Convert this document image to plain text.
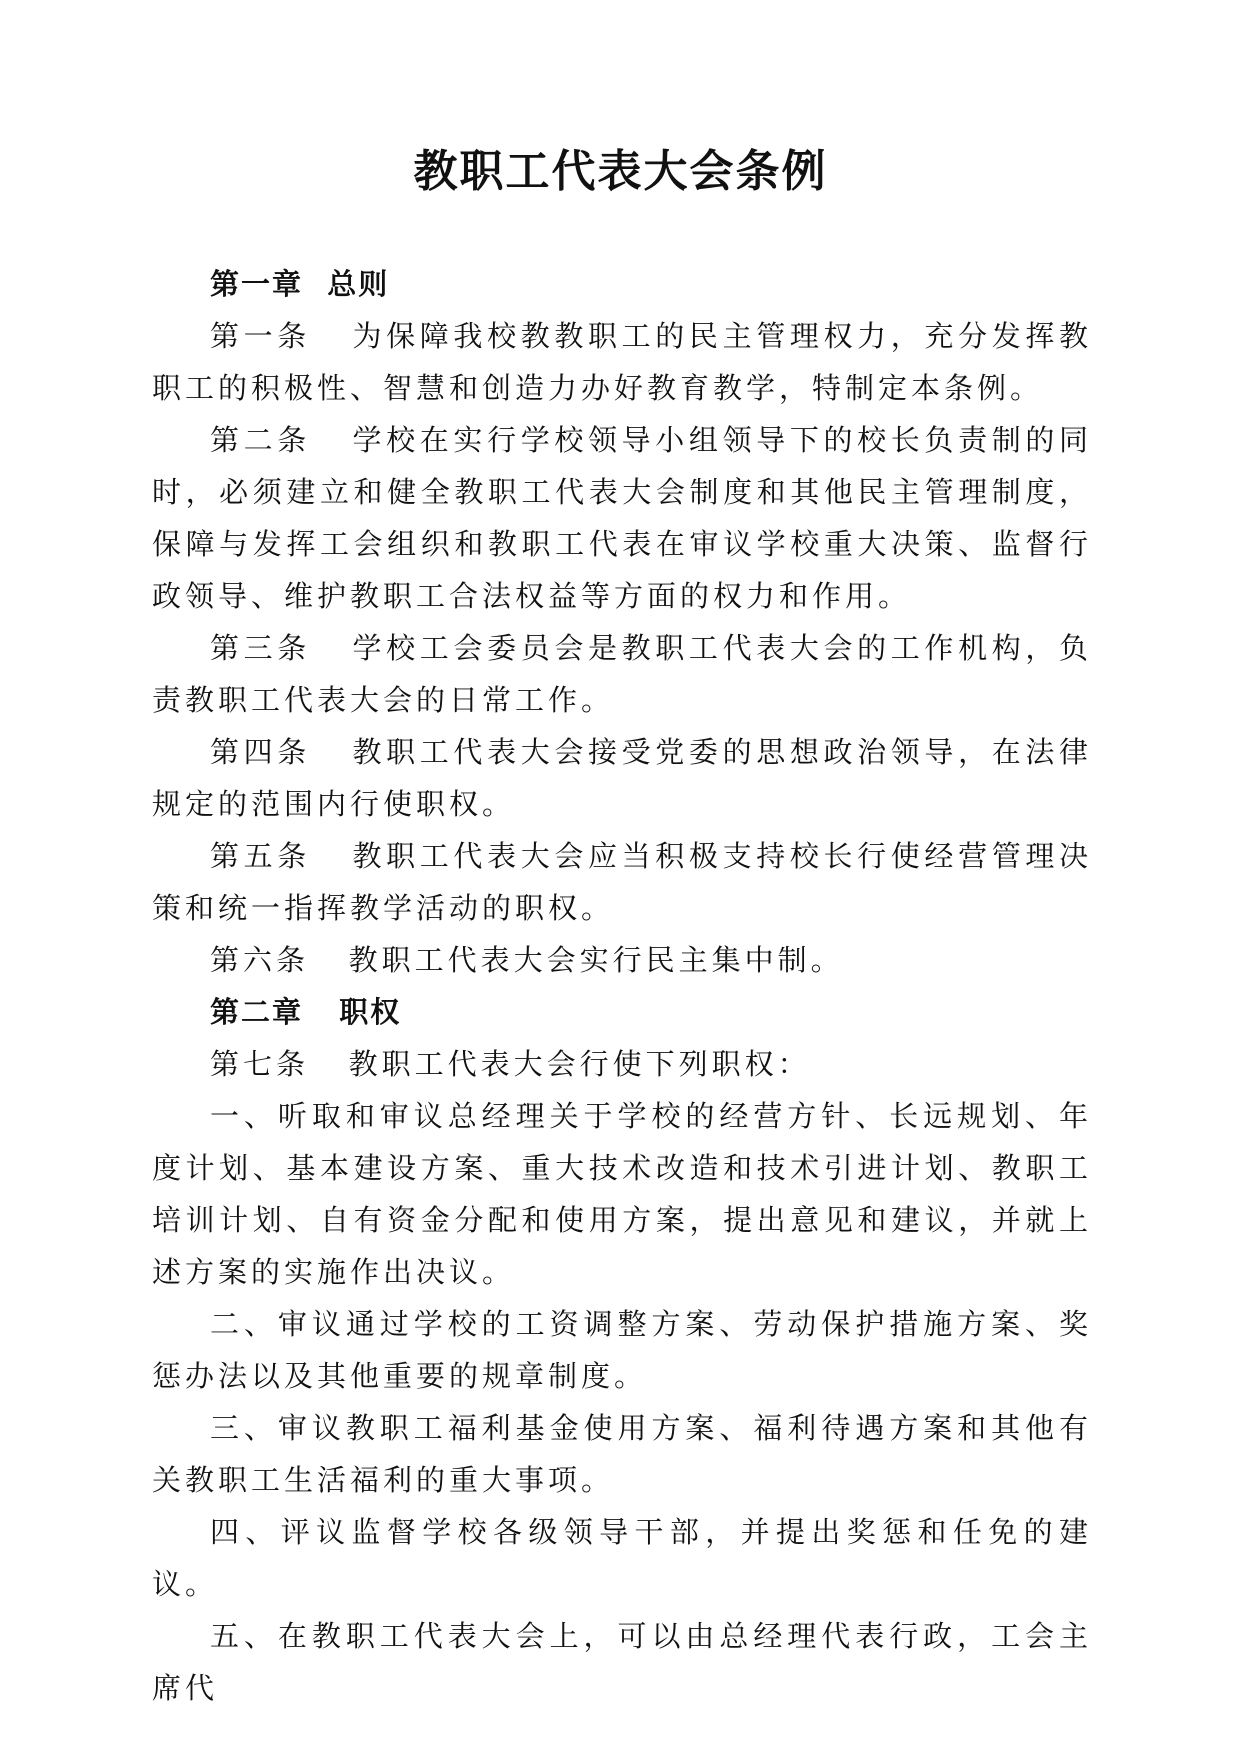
教职工代表大会条例

第一章  总则

第一条   为保障我校教教职工的民主管理权力，充分发挥教职工的积极性、智慧和创造力办好教育教学，特制定本条例。

第二条   学校在实行学校领导小组领导下的校长负责制的同时，必须建立和健全教职工代表大会制度和其他民主管理制度，保障与发挥工会组织和教职工代表在审议学校重大决策、监督行政领导、维护教职工合法权益等方面的权力和作用。

第三条   学校工会委员会是教职工代表大会的工作机构，负责教职工代表大会的日常工作。

第四条   教职工代表大会接受党委的思想政治领导，在法律规定的范围内行使职权。

第五条   教职工代表大会应当积极支持校长行使经营管理决策和统一指挥教学活动的职权。

第六条   教职工代表大会实行民主集中制。

第二章   职权

第七条   教职工代表大会行使下列职权：

一、听取和审议总经理关于学校的经营方针、长远规划、年度计划、基本建设方案、重大技术改造和技术引进计划、教职工培训计划、自有资金分配和使用方案，提出意见和建议，并就上述方案的实施作出决议。

二、审议通过学校的工资调整方案、劳动保护措施方案、奖惩办法以及其他重要的规章制度。

三、审议教职工福利基金使用方案、福利待遇方案和其他有关教职工生活福利的重大事项。

四、评议监督学校各级领导干部，并提出奖惩和任免的建议。

五、在教职工代表大会上，可以由总经理代表行政，工会主席代
